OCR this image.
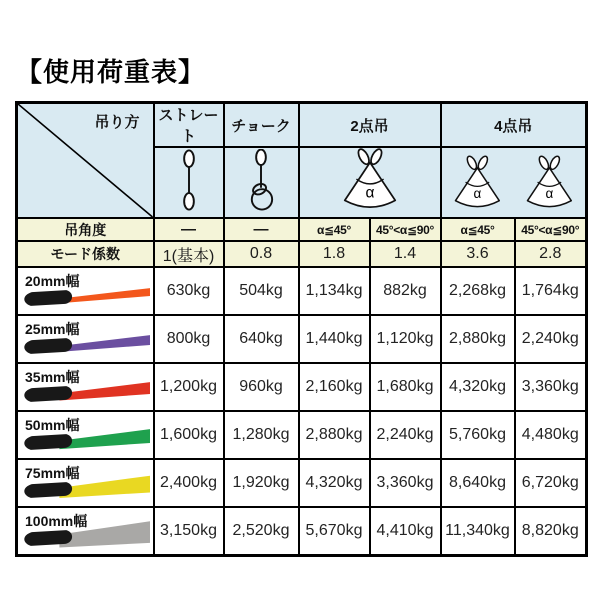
【使用荷重表】
吊り方	ストレート	チョーク	2点吊		4点吊	

α		α α	

吊角度	—	—	α≦45°	45°<α≦90°	α≦45°	45°<α≦90°
モード係数	1(基本)	0.8	1.8	1.4	3.6	2.8
20mm幅	630kg	504kg	1,134kg	882kg	2,268kg	1,764kg
25mm幅	800kg	640kg	1,440kg	1,120kg	2,880kg	2,240kg
35mm幅	1,200kg	960kg	2,160kg	1,680kg	4,320kg	3,360kg
50mm幅	1,600kg	1,280kg	2,880kg	2,240kg	5,760kg	4,480kg
75mm幅	2,400kg	1,920kg	4,320kg	3,360kg	8,640kg	6,720kg
100mm幅	3,150kg	2,520kg	5,670kg	4,410kg	11,340kg	8,820kg
